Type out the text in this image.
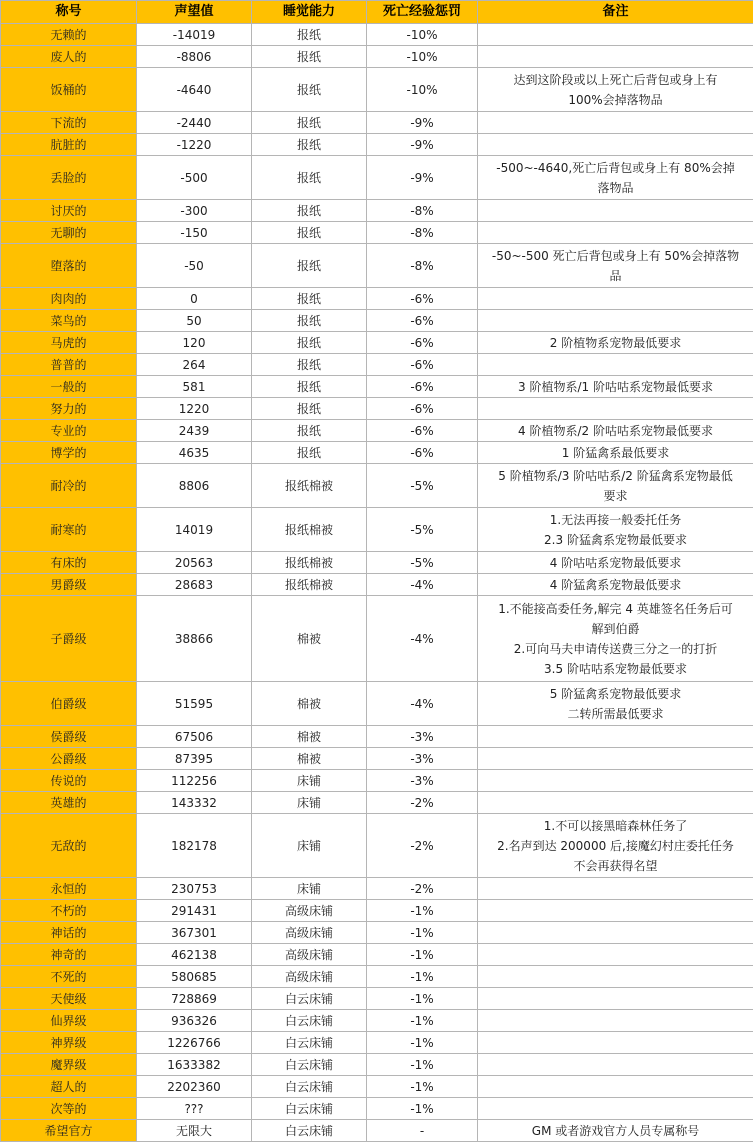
称号	声望值	睡觉能力	死亡经验惩罚	备注
无赖的	-14019	报纸	-10%	
废人的	-8806	报纸	-10%	
饭桶的	-4640	报纸	-10%	达到这阶段或以上死亡后背包或身上有
100%会掉落物品

下流的	-2440	报纸	-9%	
肮脏的	-1220	报纸	-9%	
丢脸的	-500	报纸	-9%	-500~-4640,死亡后背包或身上有 80%会掉
落物品

讨厌的	-300	报纸	-8%	
无聊的	-150	报纸	-8%	
堕落的	-50	报纸	-8%	-50~-500 死亡后背包或身上有 50%会掉落物
品

肉肉的	0	报纸	-6%	
菜鸟的	50	报纸	-6%	
马虎的	120	报纸	-6%	2 阶植物系宠物最低要求

普普的	264	报纸	-6%	
一般的	581	报纸	-6%	3 阶植物系/1 阶咕咕系宠物最低要求

努力的	1220	报纸	-6%	
专业的	2439	报纸	-6%	4 阶植物系/2 阶咕咕系宠物最低要求

博学的	4635	报纸	-6%	1 阶猛禽系最低要求

耐冷的	8806	报纸棉被	-5%	5 阶植物系/3 阶咕咕系/2 阶猛禽系宠物最低
要求

耐寒的	14019	报纸棉被	-5%	1.无法再接一般委托任务
2.3 阶猛禽系宠物最低要求

有床的	20563	报纸棉被	-5%	4 阶咕咕系宠物最低要求

男爵级	28683	报纸棉被	-4%	4 阶猛禽系宠物最低要求

子爵级	38866	棉被	-4%	1.不能接高委任务,解完 4 英雄签名任务后可
解到伯爵
2.可向马夫申请传送费三分之一的打折
3.5 阶咕咕系宠物最低要求

伯爵级	51595	棉被	-4%	5 阶猛禽系宠物最低要求
二转所需最低要求

侯爵级	67506	棉被	-3%	
公爵级	87395	棉被	-3%	
传说的	112256	床铺	-3%	
英雄的	143332	床铺	-2%	
无敌的	182178	床铺	-2%	1.不可以接黑暗森林任务了
2.名声到达 200000 后,接魔幻村庄委托任务
不会再获得名望

永恒的	230753	床铺	-2%	
不朽的	291431	高级床铺	-1%	
神话的	367301	高级床铺	-1%	
神奇的	462138	高级床铺	-1%	
不死的	580685	高级床铺	-1%	
天使级	728869	白云床铺	-1%	
仙界级	936326	白云床铺	-1%	
神界级	1226766	白云床铺	-1%	
魔界级	1633382	白云床铺	-1%	
超人的	2202360	白云床铺	-1%	
次等的	???	白云床铺	-1%	
希望官方	无限大	白云床铺	-	GM 或者游戏官方人员专属称号
